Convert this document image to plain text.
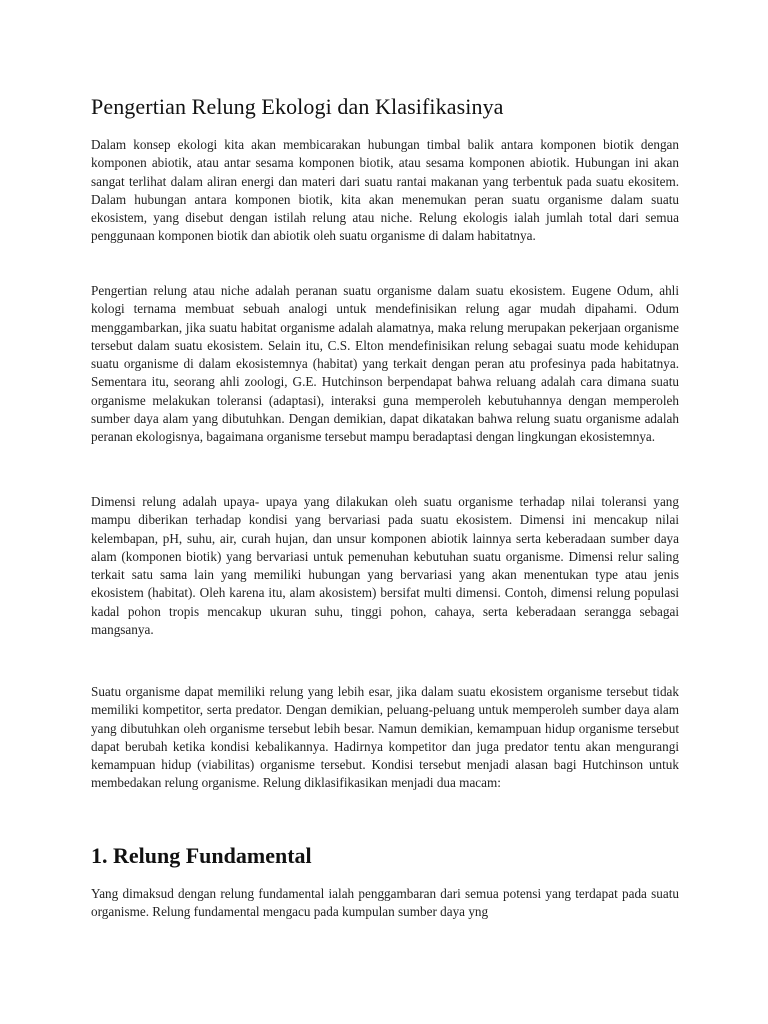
Pengertian Relung Ekologi dan Klasifikasinya

Dalam konsep ekologi kita akan membicarakan hubungan timbal balik antara komponen biotik dengan komponen abiotik, atau antar sesama komponen biotik, atau sesama komponen abiotik. Hubungan ini akan sangat terlihat dalam aliran energi dan materi dari suatu rantai makanan yang terbentuk pada suatu ekositem. Dalam hubungan antara komponen biotik, kita akan menemukan peran suatu organisme dalam suatu ekosistem, yang disebut dengan istilah relung atau niche. Relung ekologis ialah jumlah total dari semua penggunaan komponen biotik dan abiotik oleh suatu organisme di dalam habitatnya.

Pengertian relung atau niche adalah peranan suatu organisme dalam suatu ekosistem. Eugene Odum, ahli kologi ternama membuat sebuah analogi untuk mendefinisikan relung agar mudah dipahami. Odum menggambarkan, jika suatu habitat organisme adalah alamatnya, maka relung merupakan pekerjaan organisme tersebut dalam suatu ekosistem. Selain itu, C.S. Elton mendefinisikan relung sebagai suatu mode kehidupan suatu organisme di dalam ekosistemnya (habitat) yang terkait dengan peran atu profesinya pada habitatnya. Sementara itu, seorang ahli zoologi, G.E. Hutchinson berpendapat bahwa reluang adalah cara dimana suatu organisme melakukan toleransi (adaptasi), interaksi guna memperoleh kebutuhannya dengan memperoleh sumber daya alam yang dibutuhkan. Dengan demikian, dapat dikatakan bahwa relung suatu organisme adalah peranan ekologisnya, bagaimana organisme tersebut mampu beradaptasi dengan lingkungan ekosistemnya.

Dimensi relung adalah upaya- upaya yang dilakukan oleh suatu organisme terhadap nilai toleransi yang mampu diberikan terhadap kondisi yang bervariasi pada suatu ekosistem. Dimensi ini mencakup nilai kelembapan, pH, suhu, air, curah hujan, dan unsur komponen abiotik lainnya serta keberadaan sumber daya alam (komponen biotik) yang bervariasi untuk pemenuhan kebutuhan suatu organisme. Dimensi relur saling terkait satu sama lain yang memiliki hubungan yang bervariasi yang akan menentukan type atau jenis ekosistem (habitat). Oleh karena itu, alam akosistem) bersifat multi dimensi. Contoh, dimensi relung populasi kadal pohon tropis mencakup ukuran suhu, tinggi pohon, cahaya, serta keberadaan serangga sebagai mangsanya.

Suatu organisme dapat memiliki relung yang lebih esar, jika dalam suatu ekosistem organisme tersebut tidak memiliki kompetitor, serta predator. Dengan demikian, peluang-peluang untuk memperoleh sumber daya alam yang dibutuhkan oleh organisme tersebut lebih besar. Namun demikian, kemampuan hidup organisme tersebut dapat berubah ketika kondisi kebalikannya. Hadirnya kompetitor dan juga predator tentu akan mengurangi kemampuan hidup (viabilitas) organisme tersebut. Kondisi tersebut menjadi alasan bagi Hutchinson untuk membedakan relung organisme. Relung diklasifikasikan menjadi dua macam:

1. Relung Fundamental

Yang dimaksud dengan relung fundamental ialah penggambaran dari semua potensi yang terdapat pada suatu organisme. Relung fundamental mengacu pada kumpulan sumber daya yng
